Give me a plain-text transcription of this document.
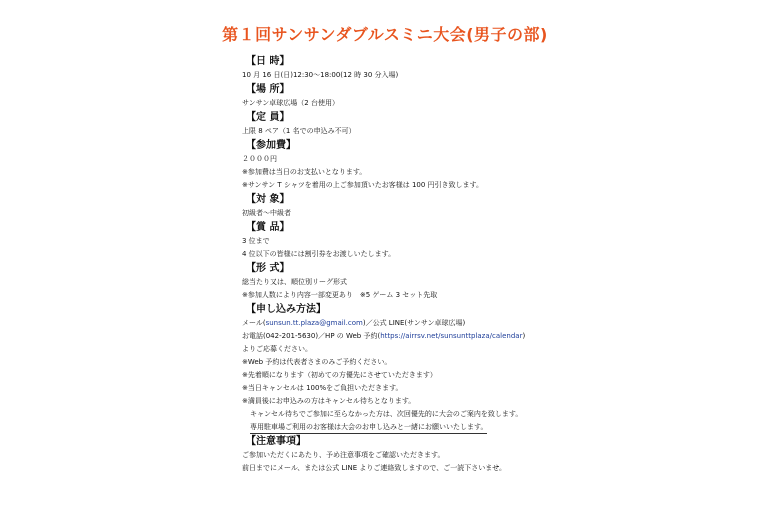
第１回サンサンダブルスミニ大会(男子の部)
【日 時】
10 月 16 日(日)12:30～18:00(12 時 30 分入場)
【場 所】
サンサン卓球広場（2 台使用）
【定 員】
上限 8 ペア（1 名での申込み不可）
【参加費】
２０００円
※参加費は当日のお支払いとなります。
※サンサン T シャツを着用の上ご参加頂いたお客様は 100 円引き致します。
【対 象】
初級者～中級者
【賞 品】
3 位まで
4 位以下の皆様には割引券をお渡しいたします。
【形 式】
総当たり又は、順位別リーグ形式
※参加人数により内容一部変更あり　※5 ゲーム 3 セット先取
【申し込み方法】
メール(sunsun.tt.plaza@gmail.com)／公式 LINE(サンサン卓球広場)
お電話(042-201-5630)／HP の Web 予約(https://airrsv.net/sunsunttplaza/calendar)
よりご応募ください。
※Web 予約は代表者さまのみご予約ください。
※先着順になります（初めての方優先にさせていただきます）
※当日キャンセルは 100%をご負担いただきます。
※満員後にお申込みの方はキャンセル待ちとなります。
キャンセル待ちでご参加に至らなかった方は、次回優先的に大会のご案内を致します。
専用駐車場ご利用のお客様は大会のお申し込みと一緒にお願いいたします。
【注意事項】
ご参加いただくにあたり、予め注意事項をご確認いただきます。
前日までにメール、または公式 LINE よりご連絡致しますので、ご一読下さいませ。
